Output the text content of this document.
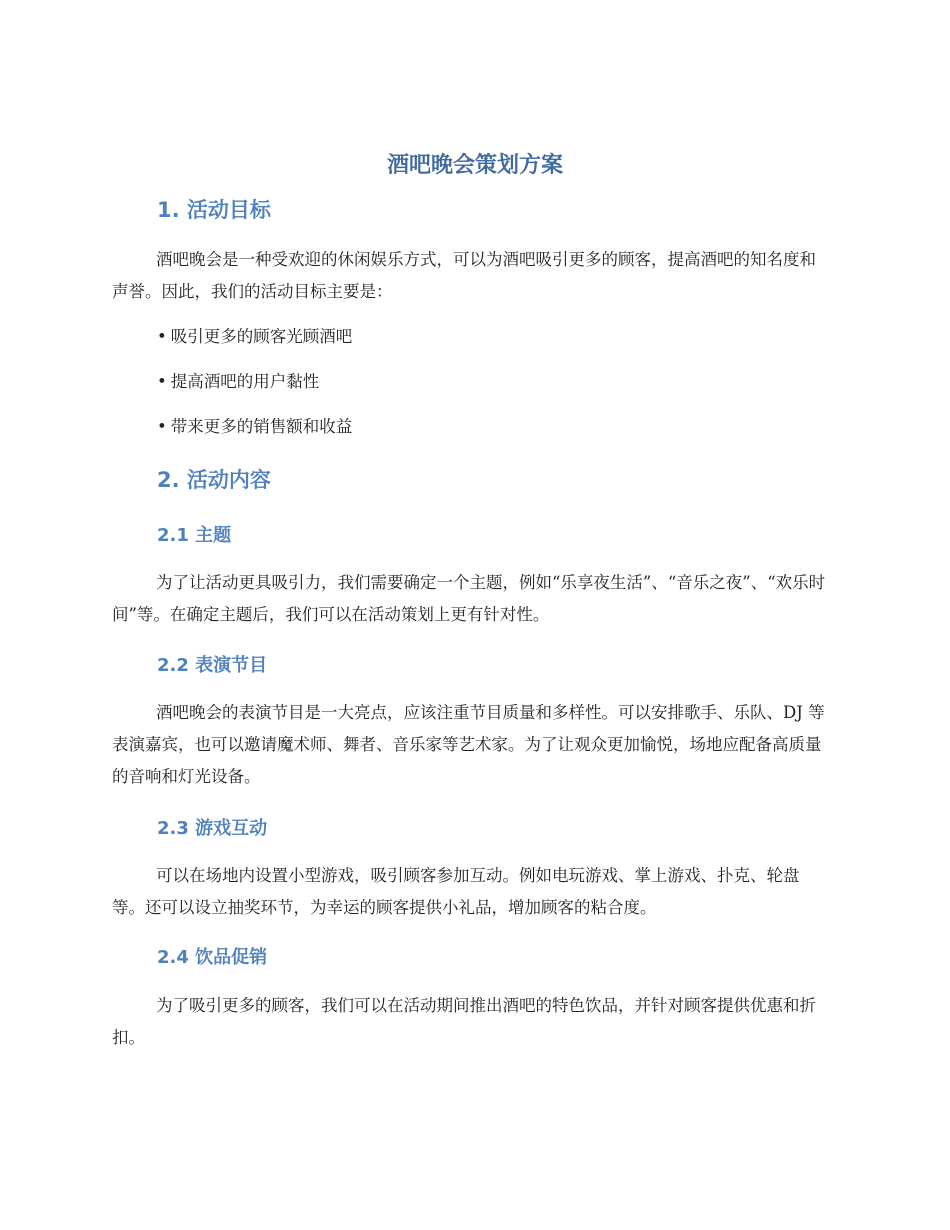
酒吧晚会策划方案
1. 活动目标

酒吧晚会是一种受欢迎的休闲娱乐方式，可以为酒吧吸引更多的顾客，提高酒吧的知名度和声誉。因此，我们的活动目标主要是：

• 吸引更多的顾客光顾酒吧
• 提高酒吧的用户黏性
• 带来更多的销售额和收益
2. 活动内容
2.1 主题

为了让活动更具吸引力，我们需要确定一个主题，例如“乐享夜生活”、“音乐之夜”、“欢乐时间”等。在确定主题后，我们可以在活动策划上更有针对性。

2.2 表演节目

酒吧晚会的表演节目是一大亮点，应该注重节目质量和多样性。可以安排歌手、乐队、DJ 等表演嘉宾，也可以邀请魔术师、舞者、音乐家等艺术家。为了让观众更加愉悦，场地应配备高质量的音响和灯光设备。

2.3 游戏互动

可以在场地内设置小型游戏，吸引顾客参加互动。例如电玩游戏、掌上游戏、扑克、轮盘等。还可以设立抽奖环节，为幸运的顾客提供小礼品，增加顾客的粘合度。

2.4 饮品促销

为了吸引更多的顾客，我们可以在活动期间推出酒吧的特色饮品，并针对顾客提供优惠和折扣。
